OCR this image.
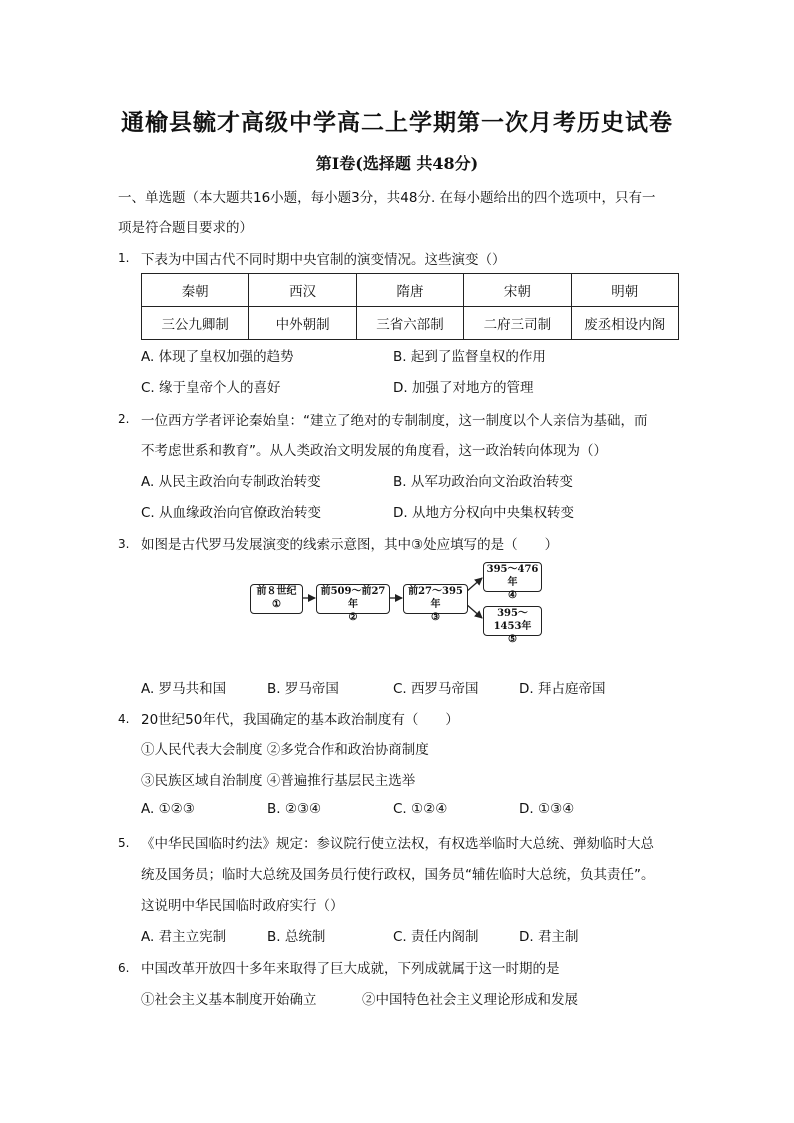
通榆县毓才高级中学高二上学期第一次月考历史试卷
第Ⅰ卷(选择题 共48分)
一、单选题（本大题共16小题，每小题3分，共48分. 在每小题给出的四个选项中，只有一
项是符合题目要求的）
1. 下表为中国古代不同时期中央官制的演变情况。这些演变（）
秦朝	西汉	隋唐	宋朝	明朝
三公九卿制	中外朝制	三省六部制	二府三司制	废丞相设内阁
A. 体现了皇权加强的趋势	B. 起到了监督皇权的作用
C. 缘于皇帝个人的喜好	D. 加强了对地方的管理
2. 一位西方学者评论秦始皇：“建立了绝对的专制制度，这一制度以个人亲信为基础，而
不考虑世系和教育”。从人类政治文明发展的角度看，这一政治转向体现为（）
A. 从民主政治向专制政治转变	B. 从军功政治向文治政治转变
C. 从血缘政治向官僚政治转变	D. 从地方分权向中央集权转变
3. 如图是古代罗马发展演变的线索示意图，其中③处应填写的是（　　）
前８世纪
①
前509～前27年
②
前27～395年
③
395～476年
④
395～1453年
⑤
A. 罗马共和国	B. 罗马帝国	C. 西罗马帝国	D. 拜占庭帝国
4. 20世纪50年代，我国确定的基本政治制度有（　　）
①人民代表大会制度 ②多党合作和政治协商制度
③民族区域自治制度 ④普遍推行基层民主选举
A. ①②③	B. ②③④	C. ①②④	D. ①③④
5. 《中华民国临时约法》规定：参议院行使立法权，有权选举临时大总统、弹劾临时大总
统及国务员；临时大总统及国务员行使行政权，国务员“辅佐临时大总统，负其责任”。
这说明中华民国临时政府实行（）
A. 君主立宪制	B. 总统制	C. 责任内阁制	D. 君主制
6. 中国改革开放四十多年来取得了巨大成就，下列成就属于这一时期的是
①社会主义基本制度开始确立	②中国特色社会主义理论形成和发展
